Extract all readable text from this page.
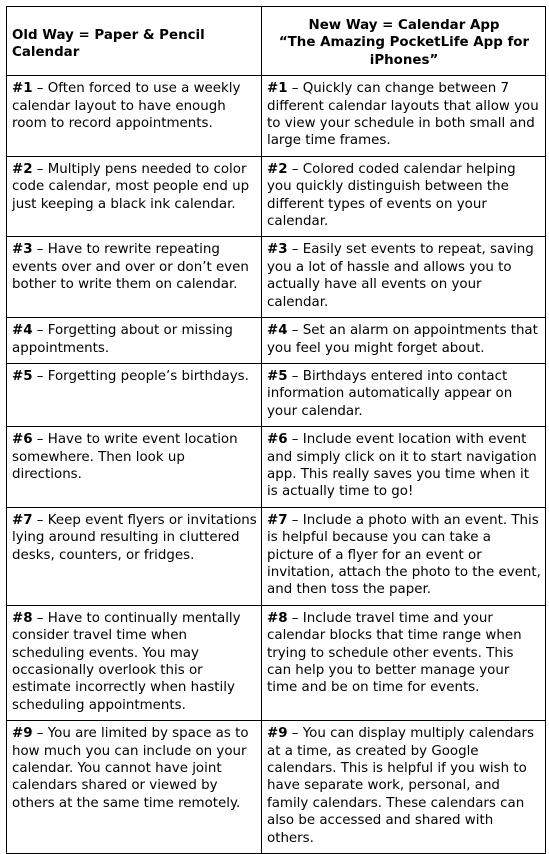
Old Way = Paper & Pencil Calendar	New Way = Calendar App
“The Amazing PocketLife App for
iPhones”

#1 – Often forced to use a weekly calendar layout to have enough room to record appointments.	#1 – Quickly can change between 7 different calendar layouts that allow you to view your schedule in both small and large time frames.
#2 – Multiply pens needed to color code calendar, most people end up just keeping a black ink calendar.	#2 – Colored coded calendar helping you quickly distinguish between the different types of events on your calendar.
#3 – Have to rewrite repeating events over and over or don’t even bother to write them on calendar.	#3 – Easily set events to repeat, saving you a lot of hassle and allows you to actually have all events on your calendar.
#4 – Forgetting about or missing appointments.	#4 – Set an alarm on appointments that you feel you might forget about.
#5 – Forgetting people’s birthdays.	#5 – Birthdays entered into contact information automatically appear on your calendar.
#6 – Have to write event location somewhere. Then look up directions.	#6 – Include event location with event and simply click on it to start navigation app. This really saves you time when it is actually time to go!
#7 – Keep event flyers or invitations lying around resulting in cluttered desks, counters, or fridges.	#7 – Include a photo with an event. This is helpful because you can take a picture of a flyer for an event or invitation, attach the photo to the event, and then toss the paper.
#8 – Have to continually mentally consider travel time when scheduling events. You may occasionally overlook this or estimate incorrectly when hastily scheduling appointments.	#8 – Include travel time and your calendar blocks that time range when trying to schedule other events. This can help you to better manage your time and be on time for events.
#9 – You are limited by space as to how much you can include on your calendar. You cannot have joint calendars shared or viewed by others at the same time remotely.	#9 – You can display multiply calendars at a time, as created by Google calendars. This is helpful if you wish to have separate work, personal, and family calendars. These calendars can also be accessed and shared with others.
